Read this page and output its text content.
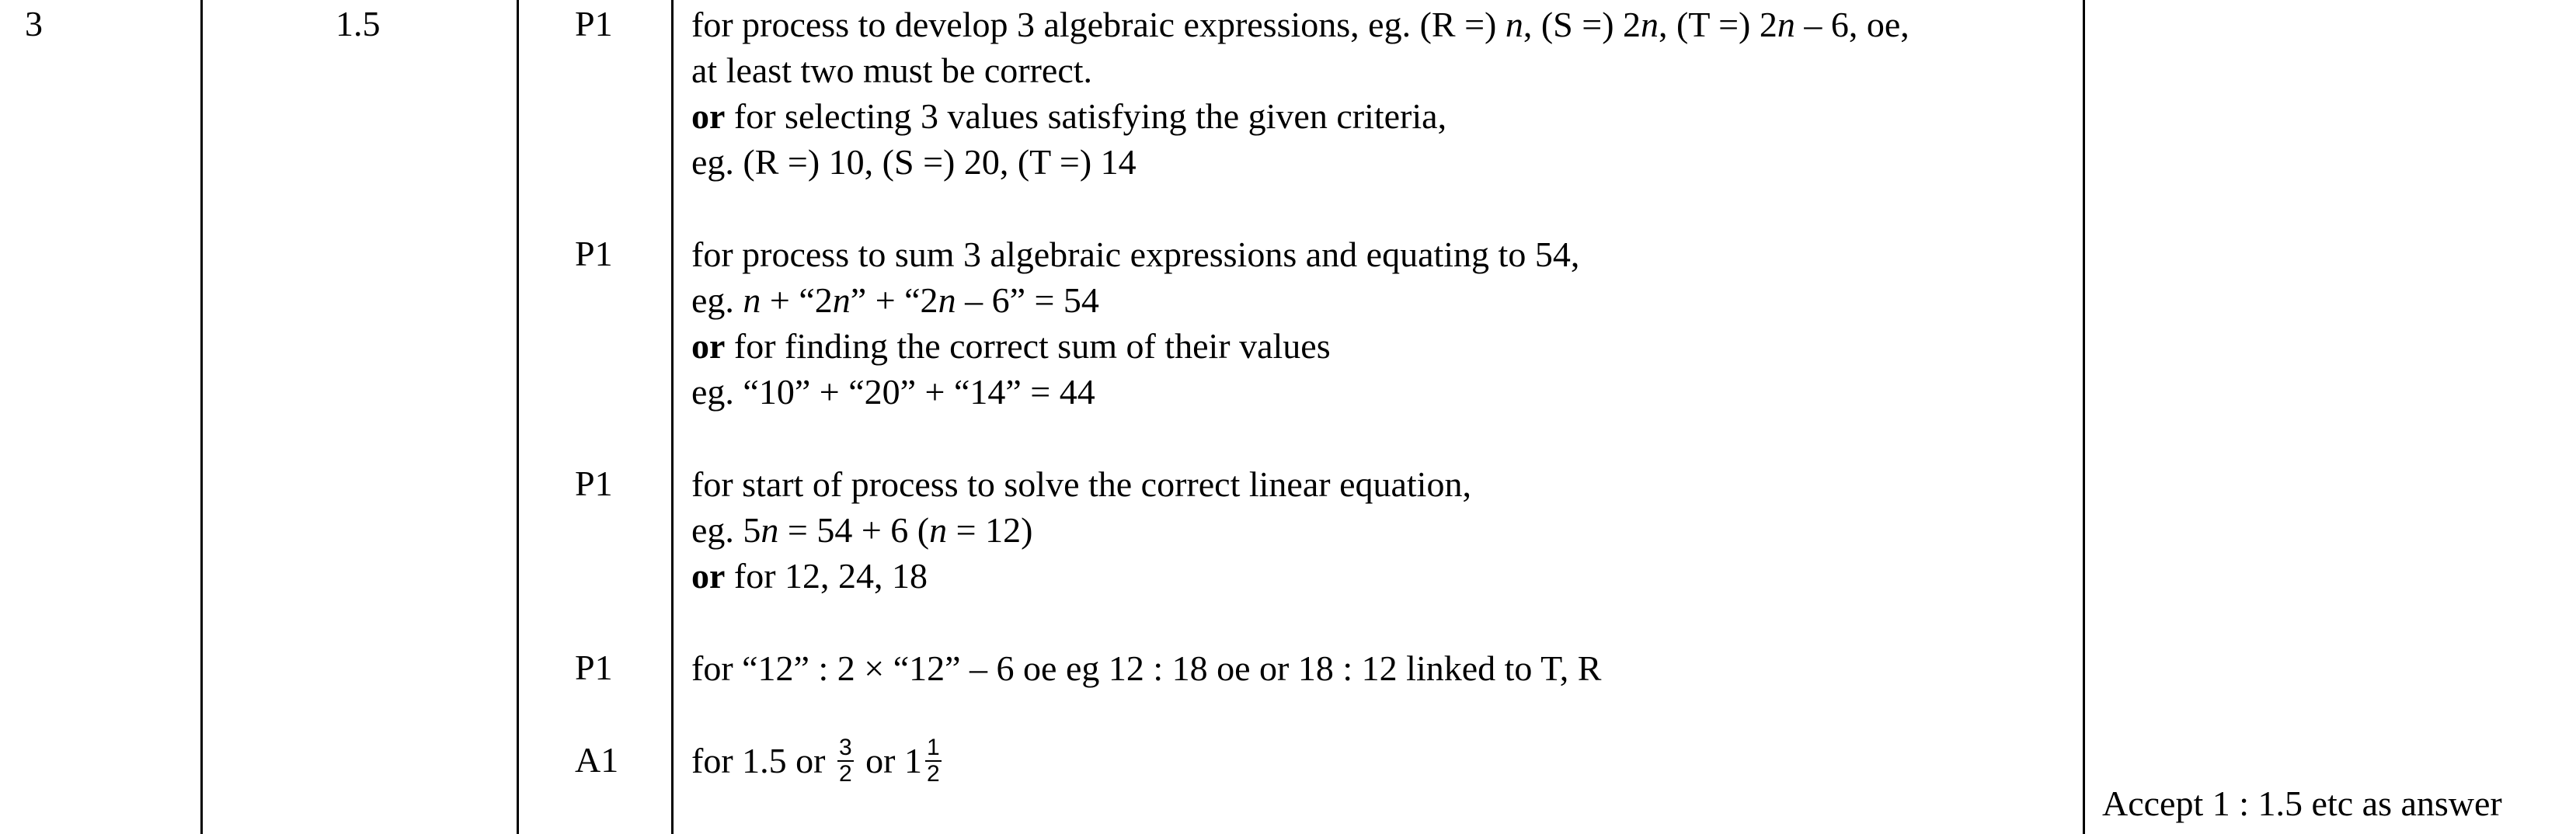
3	1.5	P1
P1
P1
P1
A1
for process to develop 3 algebraic expressions, eg. (R =) n, (S =) 2n, (T =) 2n – 6, oe,
at least two must be correct.
or for selecting 3 values satisfying the given criteria,
eg. (R =) 10, (S =) 20, (T =) 14
for process to sum 3 algebraic expressions and equating to 54,
eg. n + “2n” + “2n – 6” = 54
or for finding the correct sum of their values
eg. “10” + “20” + “14” = 44
for start of process to solve the correct linear equation,
eg. 5n = 54 + 6 (n = 12)
or for 12, 24, 18
for “12” : 2 × “12” – 6 oe eg 12 : 18 oe or 18 : 12 linked to T, R
for 1.5 or $\frac{3}{2}$ or $1 \frac{1}{2}$
Accept 1 : 1.5 etc as answer
